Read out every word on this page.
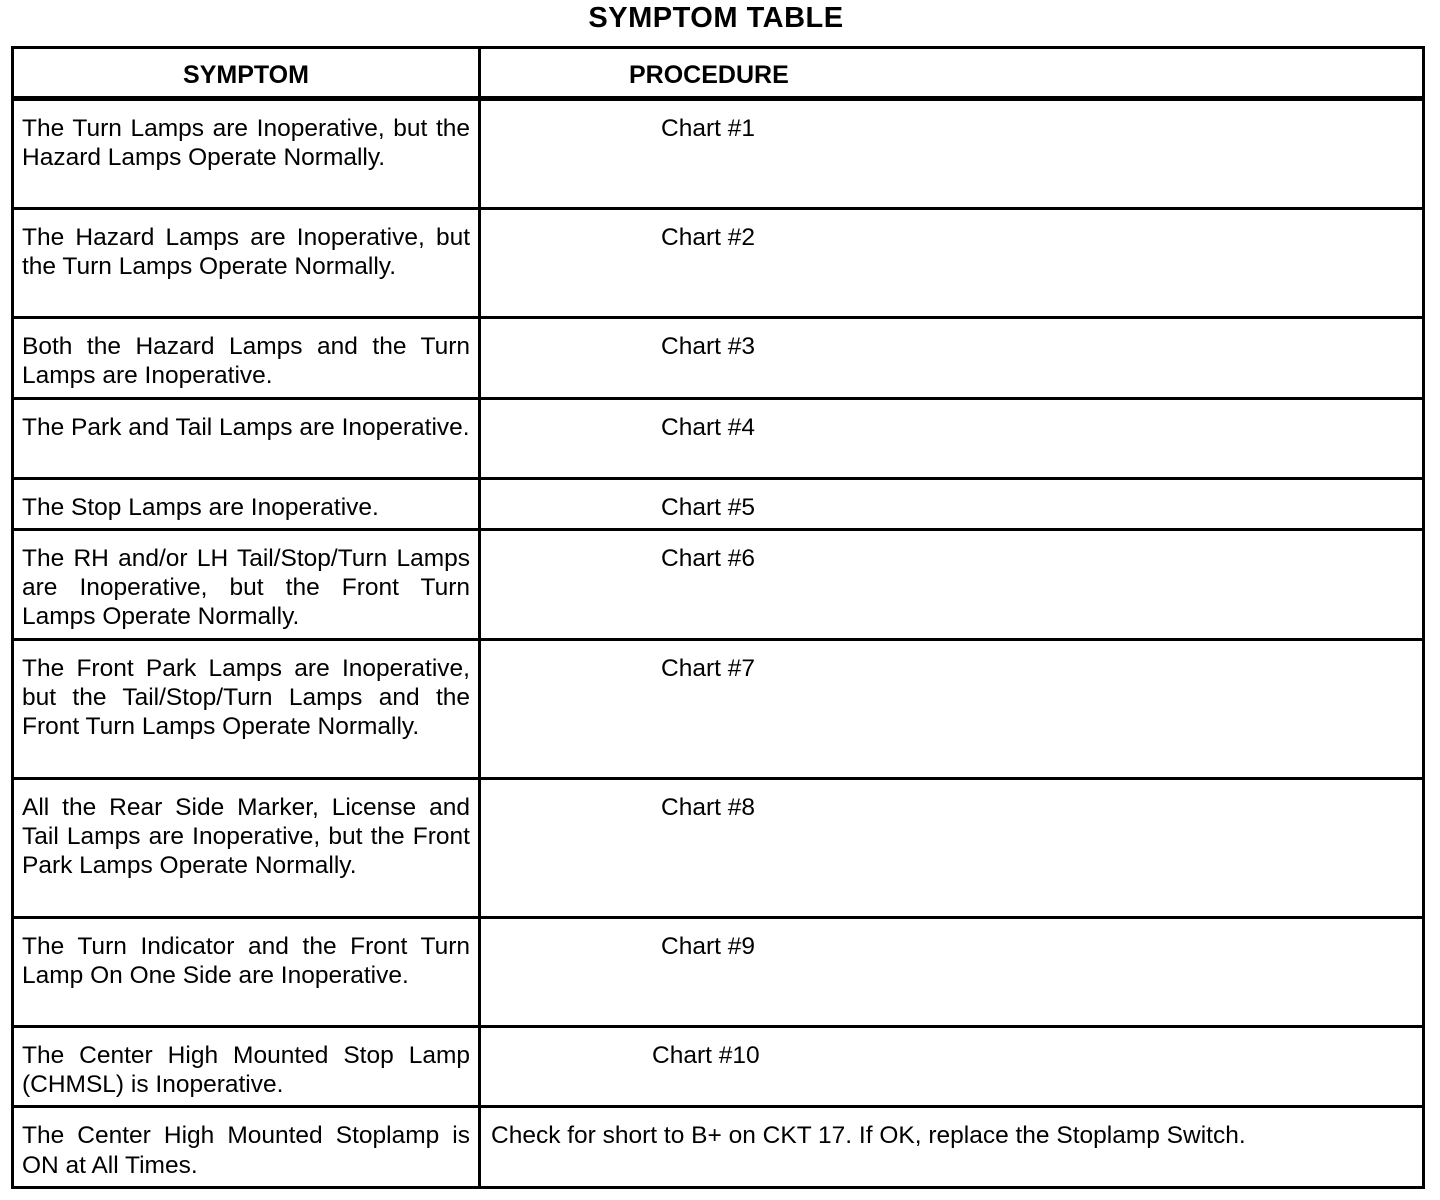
SYMPTOM TABLE
SYMPTOM	PROCEDURE
The Turn Lamps are Inoperative, but the Hazard Lamps Operate Normally.	Chart #1
The Hazard Lamps are Inoperative, but the Turn Lamps Operate Normally.	Chart #2
Both the Hazard Lamps and the Turn Lamps are Inoperative.	Chart #3
The Park and Tail Lamps are Inoperative.	Chart #4
The Stop Lamps are Inoperative.	Chart #5
The RH and/or LH Tail/Stop/Turn Lamps are Inoperative, but the Front Turn Lamps Operate Normally.	Chart #6
The Front Park Lamps are Inoperative, but the Tail/Stop/Turn Lamps and the Front Turn Lamps Operate Normally.	Chart #7
All the Rear Side Marker, License and Tail Lamps are Inoperative, but the Front Park Lamps Operate Normally.	Chart #8
The Turn Indicator and the Front Turn Lamp On One Side are Inoperative.	Chart #9
The Center High Mounted Stop Lamp (CHMSL) is Inoperative.	Chart #10
The Center High Mounted Stoplamp is ON at All Times.	Check for short to B+ on CKT 17. If OK, replace the Stoplamp Switch.
